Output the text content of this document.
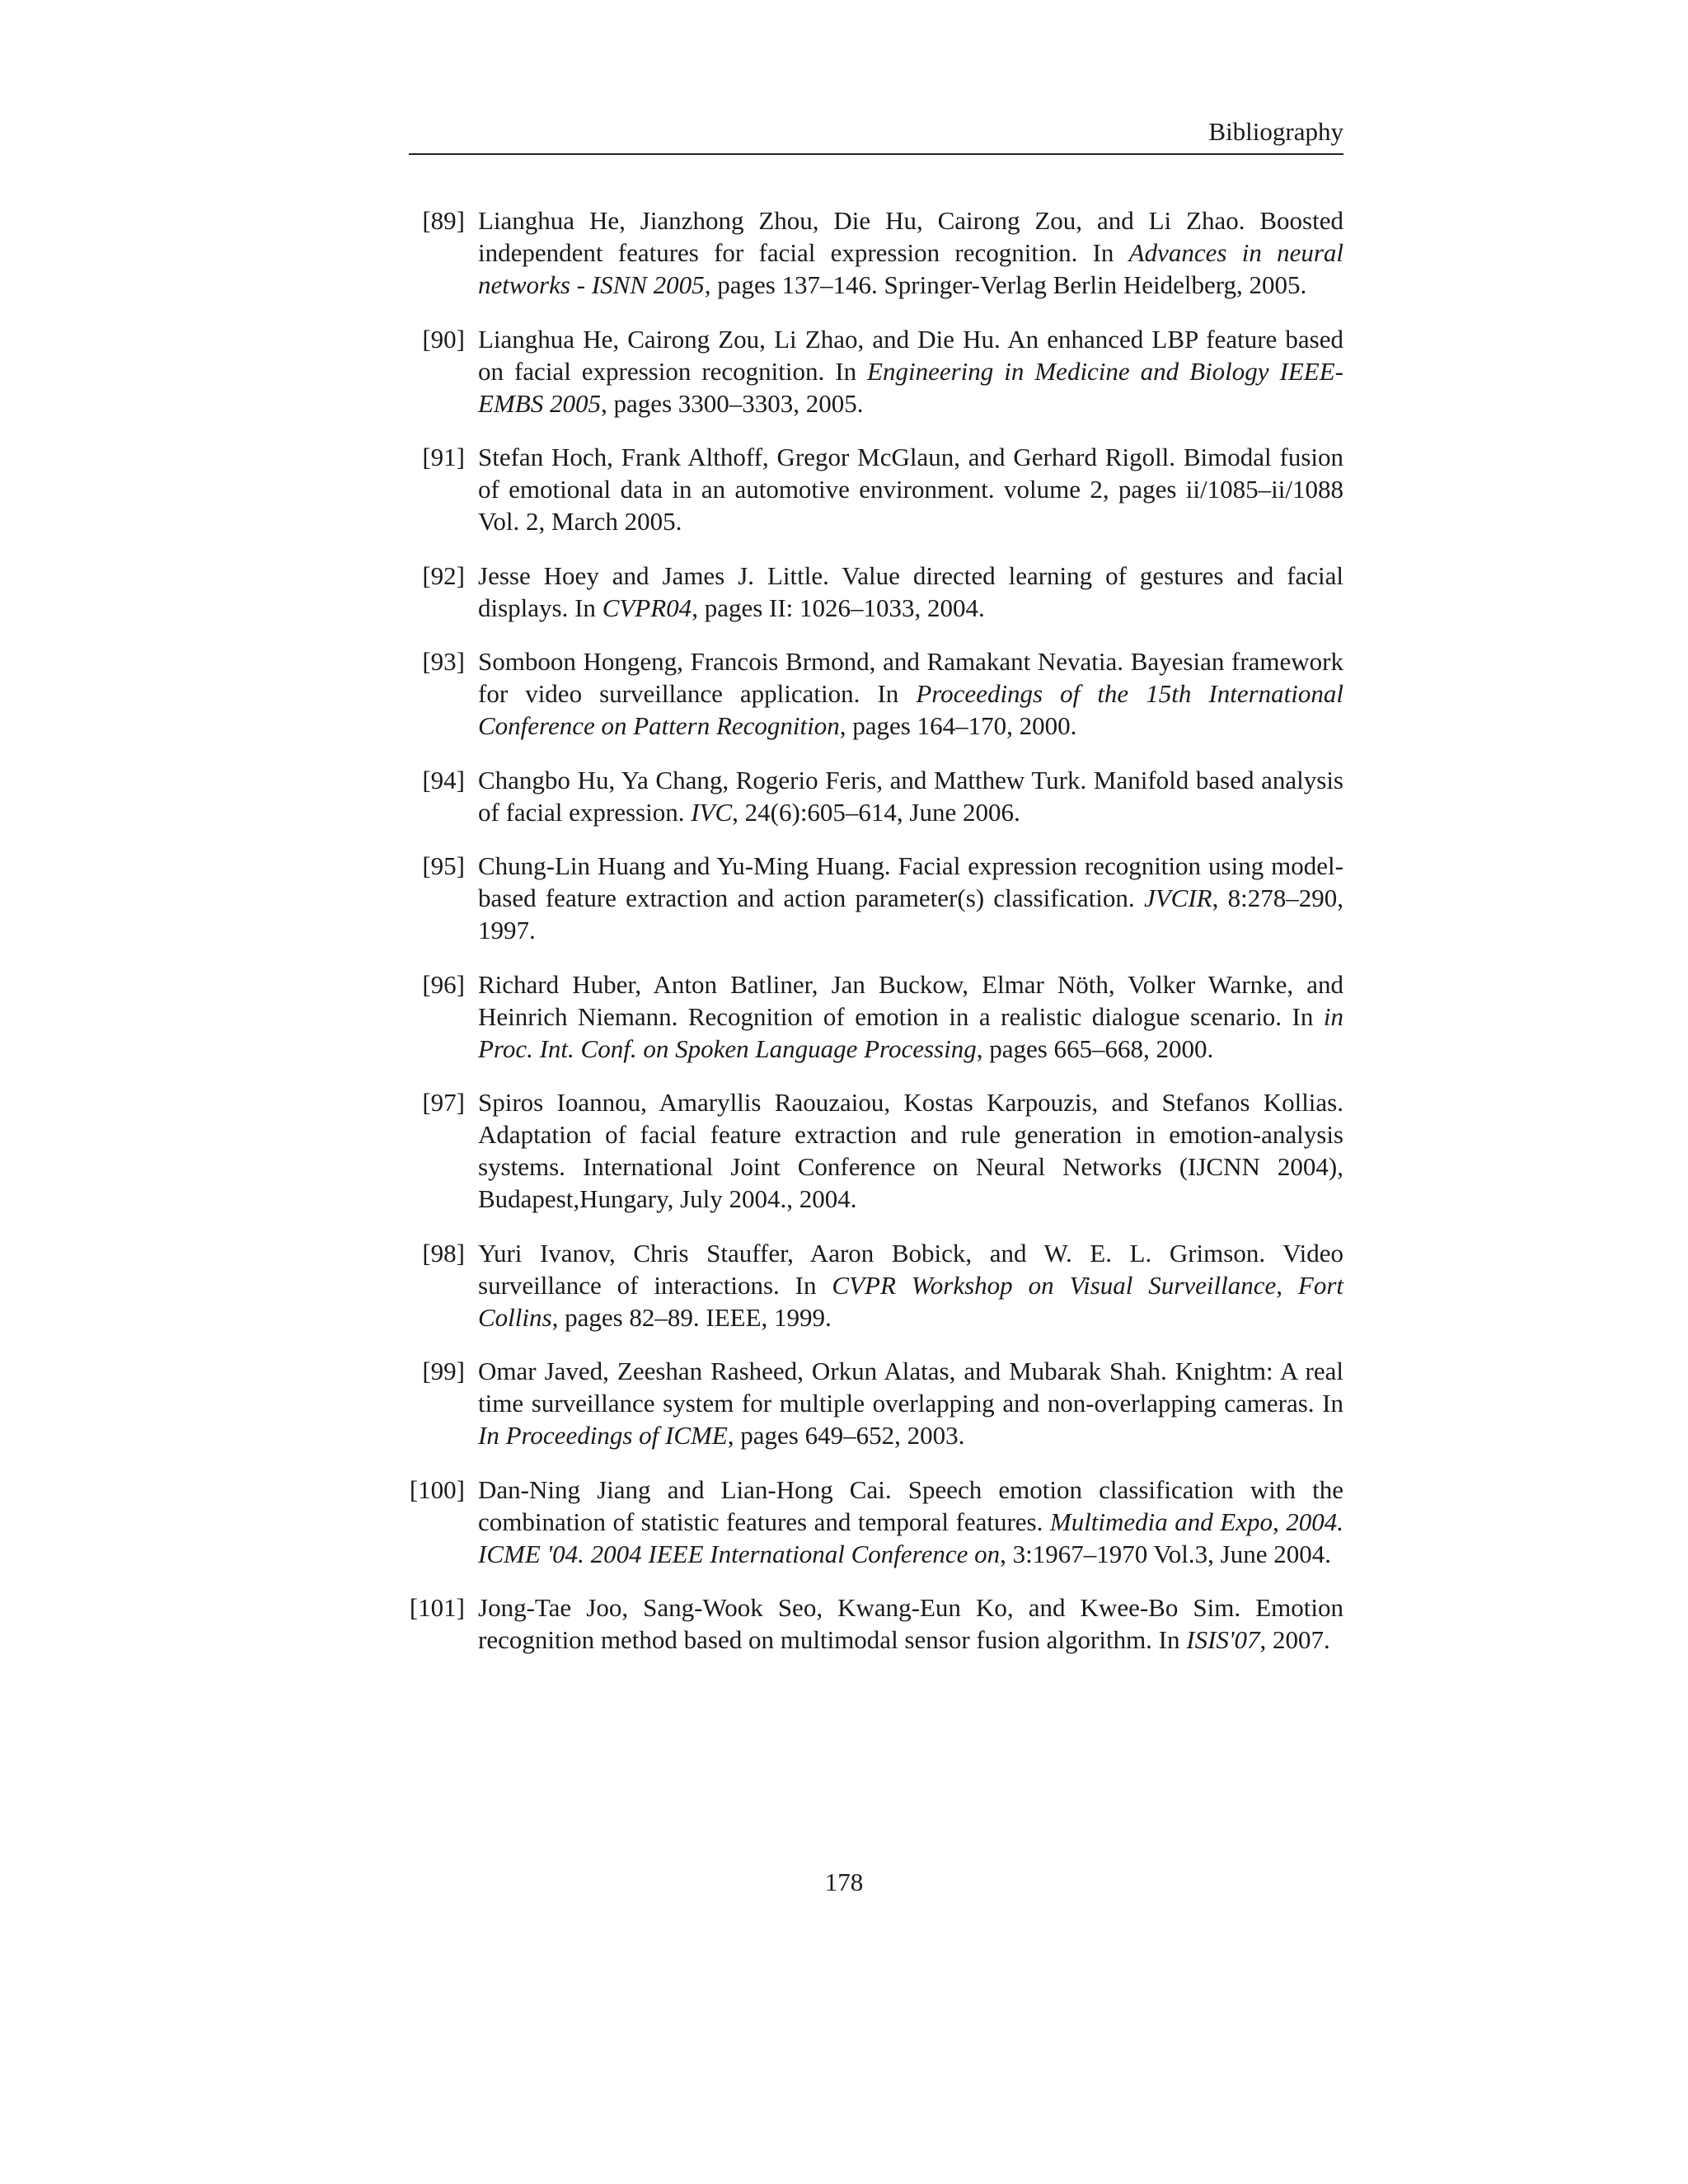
Bibliography
[89] Lianghua He, Jianzhong Zhou, Die Hu, Cairong Zou, and Li Zhao. Boosted independent features for facial expression recognition. In Advances in neural networks - ISNN 2005, pages 137–146. Springer-Verlag Berlin Heidelberg, 2005.
[90] Lianghua He, Cairong Zou, Li Zhao, and Die Hu. An enhanced LBP feature based on facial expression recognition. In Engineering in Medicine and Biology IEEE-EMBS 2005, pages 3300–3303, 2005.
[91] Stefan Hoch, Frank Althoff, Gregor McGlaun, and Gerhard Rigoll. Bimodal fusion of emotional data in an automotive environment. volume 2, pages ii/1085–ii/1088 Vol. 2, March 2005.
[92] Jesse Hoey and James J. Little. Value directed learning of gestures and facial displays. In CVPR04, pages II: 1026–1033, 2004.
[93] Somboon Hongeng, Francois Brmond, and Ramakant Nevatia. Bayesian framework for video surveillance application. In Proceedings of the 15th International Conference on Pattern Recognition, pages 164–170, 2000.
[94] Changbo Hu, Ya Chang, Rogerio Feris, and Matthew Turk. Manifold based analysis of facial expression. IVC, 24(6):605–614, June 2006.
[95] Chung-Lin Huang and Yu-Ming Huang. Facial expression recognition using model-based feature extraction and action parameter(s) classification. JVCIR, 8:278–290, 1997.
[96] Richard Huber, Anton Batliner, Jan Buckow, Elmar Nöth, Volker Warnke, and Heinrich Niemann. Recognition of emotion in a realistic dialogue scenario. In in Proc. Int. Conf. on Spoken Language Processing, pages 665–668, 2000.
[97] Spiros Ioannou, Amaryllis Raouzaiou, Kostas Karpouzis, and Stefanos Kollias. Adaptation of facial feature extraction and rule generation in emotion-analysis systems. International Joint Conference on Neural Networks (IJCNN 2004), Budapest,Hungary, July 2004., 2004.
[98] Yuri Ivanov, Chris Stauffer, Aaron Bobick, and W. E. L. Grimson. Video surveillance of interactions. In CVPR Workshop on Visual Surveillance, Fort Collins, pages 82–89. IEEE, 1999.
[99] Omar Javed, Zeeshan Rasheed, Orkun Alatas, and Mubarak Shah. Knightm: A real time surveillance system for multiple overlapping and non-overlapping cameras. In In Proceedings of ICME, pages 649–652, 2003.
[100] Dan-Ning Jiang and Lian-Hong Cai. Speech emotion classification with the combination of statistic features and temporal features. Multimedia and Expo, 2004. ICME '04. 2004 IEEE International Conference on, 3:1967–1970 Vol.3, June 2004.
[101] Jong-Tae Joo, Sang-Wook Seo, Kwang-Eun Ko, and Kwee-Bo Sim. Emotion recognition method based on multimodal sensor fusion algorithm. In ISIS'07, 2007.
178
